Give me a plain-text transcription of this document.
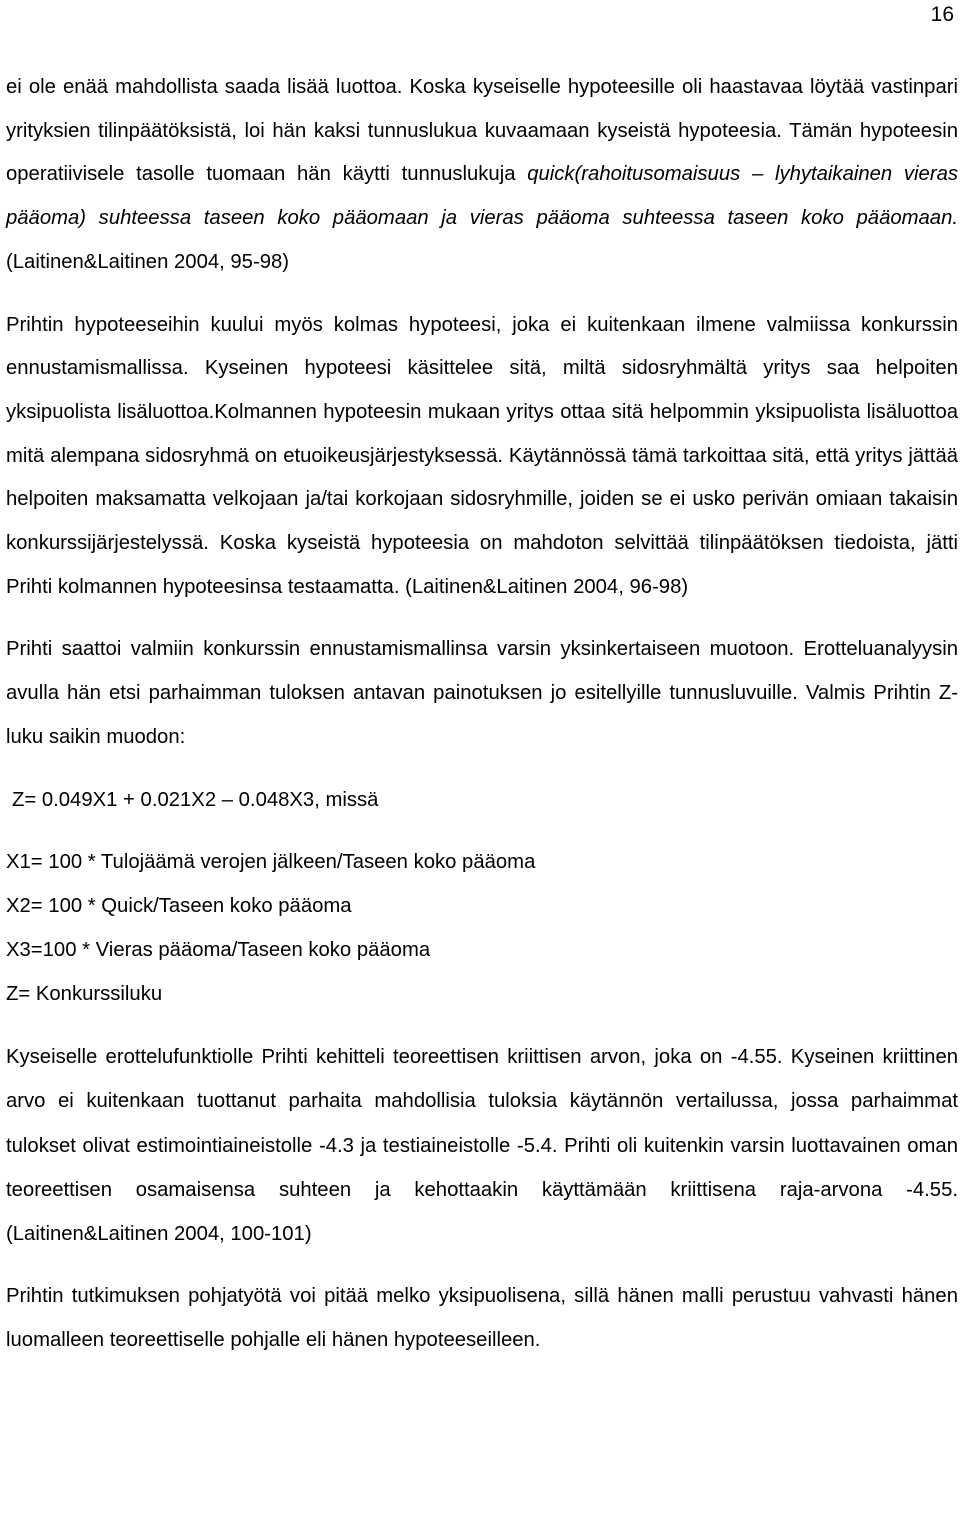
16

ei ole enää mahdollista saada lisää luottoa. Koska kyseiselle hypoteesille oli haastavaa löytää vastinpari yrityksien tilinpäätöksistä, loi hän kaksi tunnuslukua kuvaamaan kyseistä hypoteesia. Tämän hypoteesin operatiivisele tasolle tuomaan hän käytti tunnuslukuja quick(rahoitusomaisuus – lyhytaikainen vieras pääoma) suhteessa taseen koko pääomaan ja vieras pääoma suhteessa taseen koko pääomaan. (Laitinen&Laitinen 2004, 95-98)

Prihtin hypoteeseihin kuului myös kolmas hypoteesi, joka ei kuitenkaan ilmene valmiissa konkurssin ennustamismallissa. Kyseinen hypoteesi käsittelee sitä, miltä sidosryhmältä yritys saa helpoiten yksipuolista lisäluottoa.Kolmannen hypoteesin mukaan yritys ottaa sitä helpommin yksipuolista lisäluottoa mitä alempana sidosryhmä on etuoikeusjärjestyksessä. Käytännössä tämä tarkoittaa sitä, että yritys jättää helpoiten maksamatta velkojaan ja/tai korkojaan sidosryhmille, joiden se ei usko perivän omiaan takaisin konkurssijärjestelyssä. Koska kyseistä hypoteesia on mahdoton selvittää tilinpäätöksen tiedoista, jätti Prihti kolmannen hypoteesinsa testaamatta. (Laitinen&Laitinen 2004, 96-98)

Prihti saattoi valmiin konkurssin ennustamismallinsa varsin yksinkertaiseen muotoon. Erotteluanalyysin avulla hän etsi parhaimman tuloksen antavan painotuksen jo esitellyille tunnusluvuille. Valmis Prihtin Z-luku saikin muodon:

Z= 0.049X1 + 0.021X2 – 0.048X3, missä

X1= 100 * Tulojäämä verojen jälkeen/Taseen koko pääoma

X2= 100 * Quick/Taseen koko pääoma

X3=100 * Vieras pääoma/Taseen koko pääoma

Z= Konkurssiluku

Kyseiselle erottelufunktiolle Prihti kehitteli teoreettisen kriittisen arvon, joka on -4.55. Kyseinen kriittinen arvo ei kuitenkaan tuottanut parhaita mahdollisia tuloksia käytännön vertailussa, jossa parhaimmat tulokset olivat estimointiaineistolle -4.3 ja testiaineistolle -5.4. Prihti oli kuitenkin varsin luottavainen oman teoreettisen osamaisensa suhteen ja kehottaakin käyttämään kriittisena raja-arvona -4.55. (Laitinen&Laitinen 2004, 100-101)

Prihtin tutkimuksen pohjatyötä voi pitää melko yksipuolisena, sillä hänen malli perustuu vahvasti hänen luomalleen teoreettiselle pohjalle eli hänen hypoteeseilleen.
